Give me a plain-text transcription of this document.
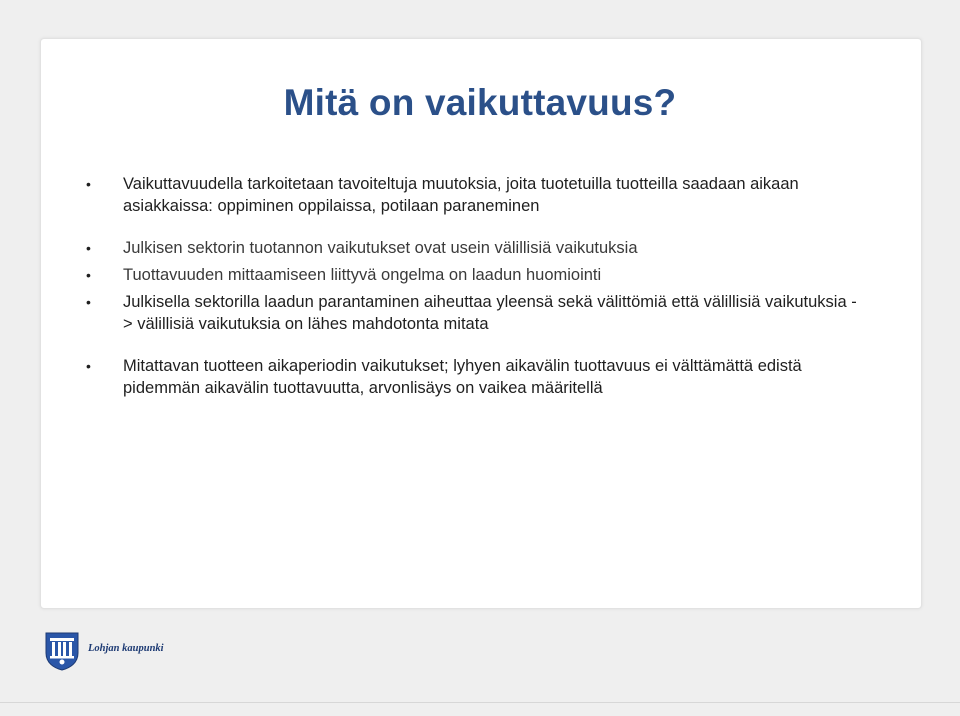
Mitä on vaikuttavuus?
•	Vaikuttavuudella tarkoitetaan tavoiteltuja muutoksia, joita tuotetuilla tuotteilla saadaan aikaan asiakkaissa: oppiminen oppilaissa, potilaan paraneminen
•	Julkisen sektorin tuotannon vaikutukset ovat usein välillisiä vaikutuksia
•	Tuottavuuden mittaamiseen liittyvä ongelma on laadun huomiointi
•	Julkisella sektorilla laadun parantaminen aiheuttaa yleensä sekä välittömiä että välillisiä vaikutuksia -> välillisiä vaikutuksia on lähes mahdotonta mitata
•	Mitattavan tuotteen aikaperiodin vaikutukset; lyhyen aikavälin tuottavuus ei välttämättä edistä pidemmän aikavälin tuottavuutta, arvonlisäys on vaikea määritellä
Lohjan kaupunki
